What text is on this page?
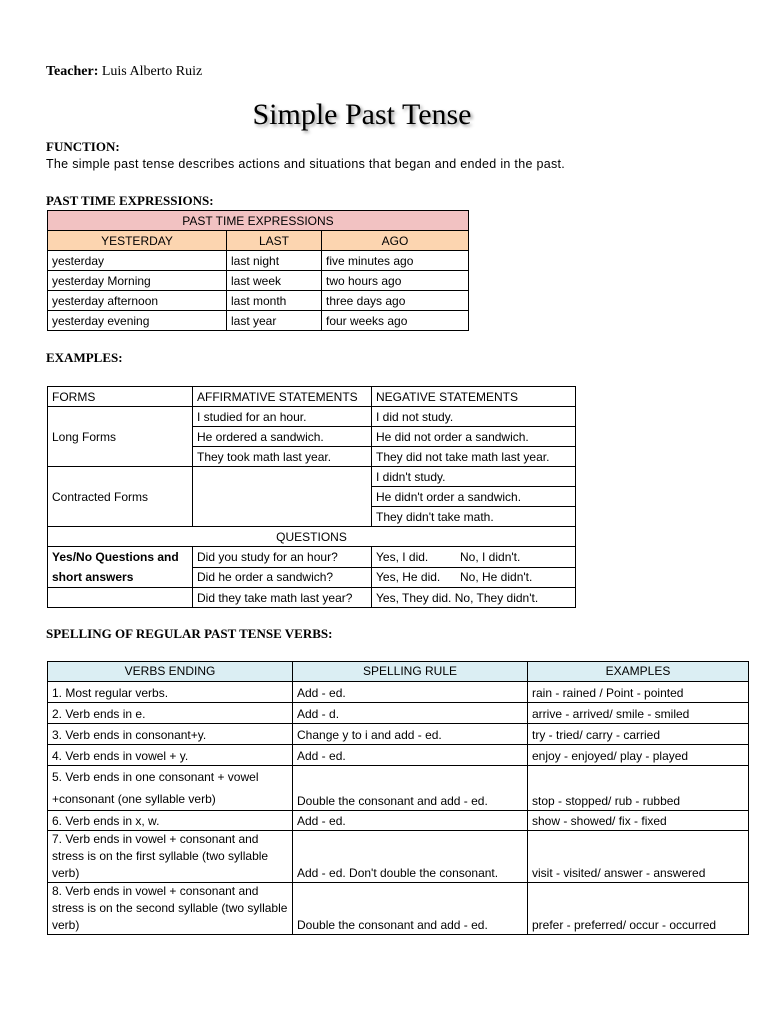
Teacher: Luis Alberto Ruiz
Simple Past Tense
FUNCTION:
The simple past tense describes actions and situations that began and ended in the past.
PAST TIME EXPRESSIONS:
PAST TIME EXPRESSIONS		
YESTERDAY	LAST	AGO
yesterday	last night	five minutes ago
yesterday Morning	last week	two hours ago
yesterday afternoon	last month	three days ago
yesterday evening	last year	four weeks ago
EXAMPLES:
FORMS	AFFIRMATIVE STATEMENTS	NEGATIVE STATEMENTS
Long Forms	I studied for an hour.	I did not study.
	He ordered a sandwich.	He did not order a sandwich.
	They took math last year.	They did not take math last year.
Contracted Forms		I didn't study.
		He didn't order a sandwich.
		They didn't take math.
QUESTIONS		
Yes/No Questions and
short answers	Did you study for an hour?	Yes, I did. No, I didn't.
	Did he order a sandwich?	Yes, He did. No, He didn't.
	Did they take math last year?	Yes, They did. No, They didn't.
SPELLING OF REGULAR PAST TENSE VERBS:
VERBS ENDING	SPELLING RULE	EXAMPLES
1. Most regular verbs.	Add - ed.	rain - rained / Point - pointed
2. Verb ends in e.	Add - d.	arrive - arrived/ smile - smiled
3. Verb ends in consonant+y.	Change y to i and add - ed.	try - tried/ carry - carried
4. Verb ends in vowel + y.	Add - ed.	enjoy - enjoyed/ play - played
5. Verb ends in one consonant + vowel +consonant (one syllable verb)	Double the consonant and add - ed.	stop - stopped/ rub - rubbed
6. Verb ends in x, w.	Add - ed.	show - showed/ fix - fixed
7. Verb ends in vowel + consonant and stress is on the first syllable (two syllable verb)	Add - ed. Don't double the consonant.	visit - visited/ answer - answered
8. Verb ends in vowel + consonant and stress is on the second syllable (two syllable verb)	Double the consonant and add - ed.	prefer - preferred/ occur - occurred
